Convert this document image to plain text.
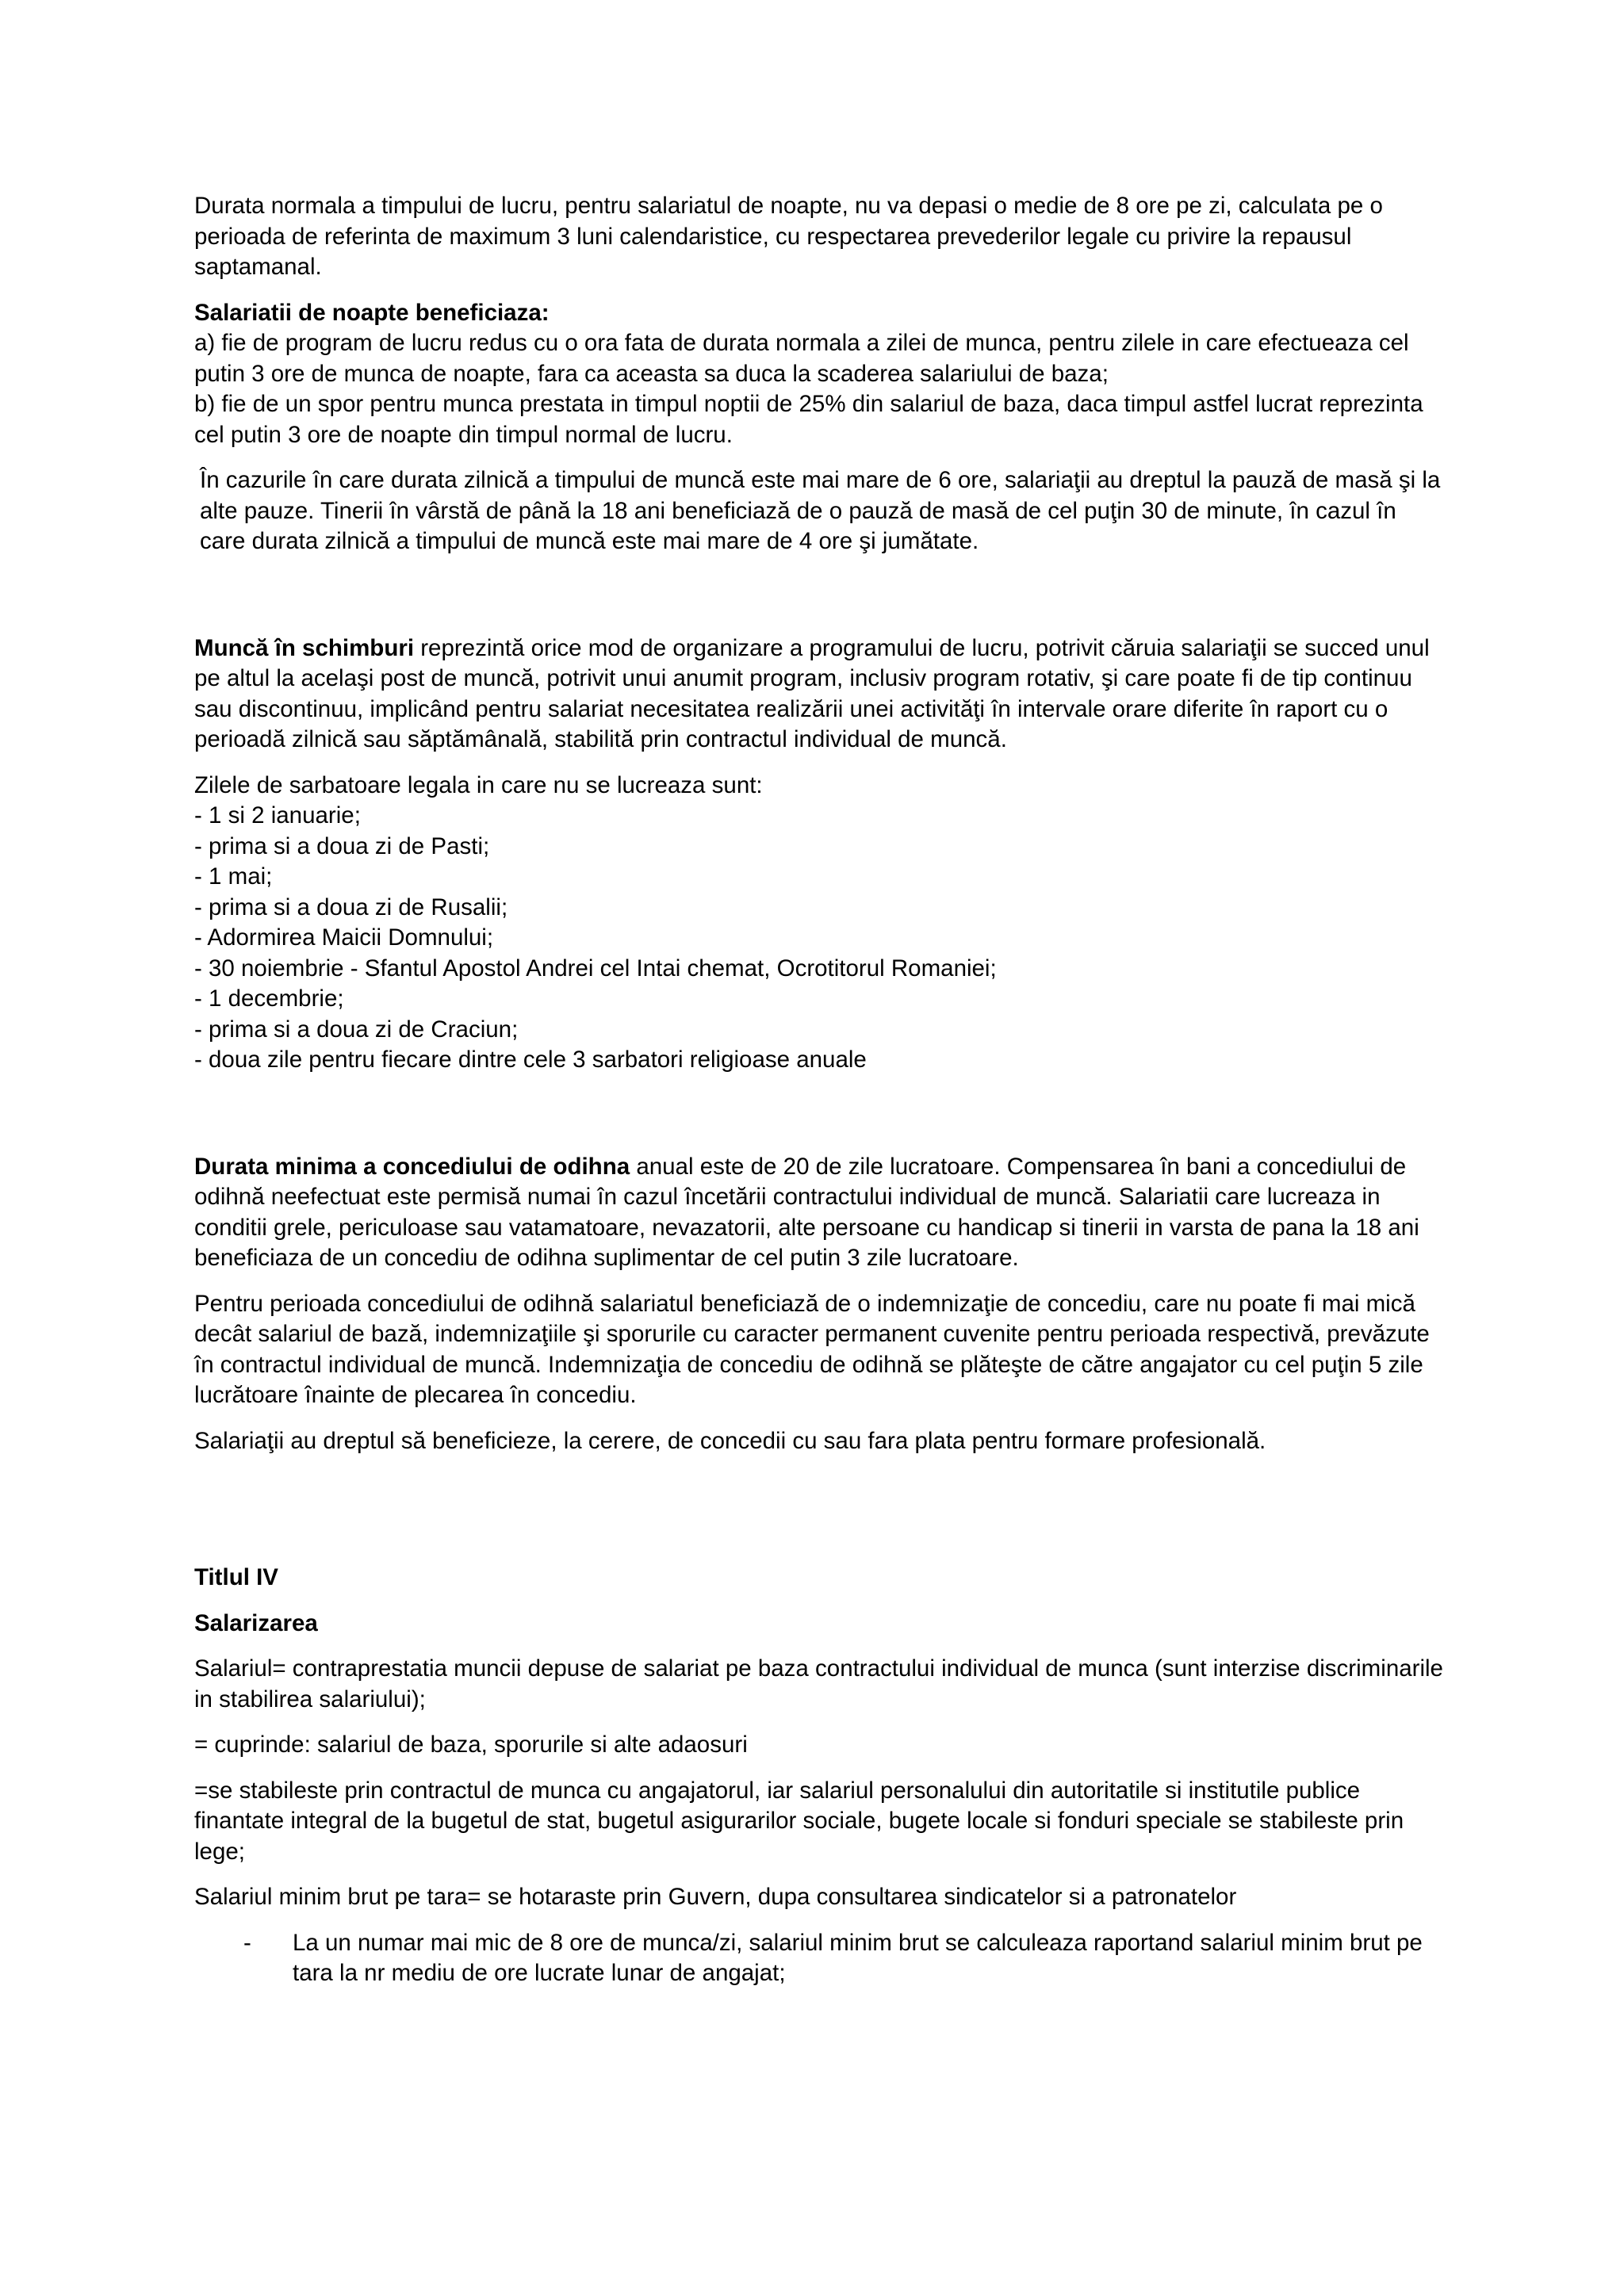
Durata normala a timpului de lucru, pentru salariatul de noapte, nu va depasi o medie de 8 ore pe zi, calculata pe o perioada de referinta de maximum 3 luni calendaristice, cu respectarea prevederilor legale cu privire la repausul saptamanal.

Salariatii de noapte beneficiaza:
a) fie de program de lucru redus cu o ora fata de durata normala a zilei de munca, pentru zilele in care efectueaza cel putin 3 ore de munca de noapte, fara ca aceasta sa duca la scaderea salariului de baza;
b) fie de un spor pentru munca prestata in timpul noptii de 25% din salariul de baza, daca timpul astfel lucrat reprezinta cel putin 3 ore de noapte din timpul normal de lucru.

În cazurile în care durata zilnică a timpului de muncă este mai mare de 6 ore, salariaţii au dreptul la pauză de masă şi la alte pauze. Tinerii în vârstă de până la 18 ani beneficiază de o pauză de masă de cel puţin 30 de minute, în cazul în care durata zilnică a timpului de muncă este mai mare de 4 ore şi jumătate.

Muncă în schimburi reprezintă orice mod de organizare a programului de lucru, potrivit căruia salariaţii se succed unul pe altul la acelaşi post de muncă, potrivit unui anumit program, inclusiv program rotativ, şi care poate fi de tip continuu sau discontinuu, implicând pentru salariat necesitatea realizării unei activităţi în intervale orare diferite în raport cu o perioadă zilnică sau săptămânală, stabilită prin contractul individual de muncă.

Zilele de sarbatoare legala in care nu se lucreaza sunt:
- 1 si 2 ianuarie;
- prima si a doua zi de Pasti;
- 1 mai;
- prima si a doua zi de Rusalii;
- Adormirea Maicii Domnului;
- 30 noiembrie - Sfantul Apostol Andrei cel Intai chemat, Ocrotitorul Romaniei;
- 1 decembrie;
- prima si a doua zi de Craciun;
- doua zile pentru fiecare dintre cele 3 sarbatori religioase anuale

Durata minima a concediului de odihna anual este de 20 de zile lucratoare. Compensarea în bani a concediului de odihnă neefectuat este permisă numai în cazul încetării contractului individual de muncă. Salariatii care lucreaza in conditii grele, periculoase sau vatamatoare, nevazatorii, alte persoane cu handicap si tinerii in varsta de pana la 18 ani beneficiaza de un concediu de odihna suplimentar de cel putin 3 zile lucratoare.

Pentru perioada concediului de odihnă salariatul beneficiază de o indemnizaţie de concediu, care nu poate fi mai mică decât salariul de bază, indemnizaţiile şi sporurile cu caracter permanent cuvenite pentru perioada respectivă, prevăzute în contractul individual de muncă. Indemnizaţia de concediu de odihnă se plăteşte de către angajator cu cel puţin 5 zile lucrătoare înainte de plecarea în concediu.

Salariaţii au dreptul să beneficieze, la cerere, de concedii cu sau fara plata pentru formare profesională.

Titlul IV

Salarizarea

Salariul= contraprestatia muncii depuse de salariat pe baza contractului individual de munca (sunt interzise discriminarile in stabilirea salariului);

= cuprinde: salariul de baza, sporurile si alte adaosuri

=se stabileste prin contractul de munca cu angajatorul, iar salariul personalului din autoritatile si institutile publice finantate integral de la bugetul de stat, bugetul asigurarilor sociale, bugete locale si fonduri speciale se stabileste prin lege;

Salariul minim brut pe tara= se hotaraste prin Guvern, dupa consultarea sindicatelor si a patronatelor

- La un numar mai mic de 8 ore de munca/zi, salariul minim brut se calculeaza raportand salariul minim brut pe tara la nr mediu de ore lucrate lunar de angajat;
